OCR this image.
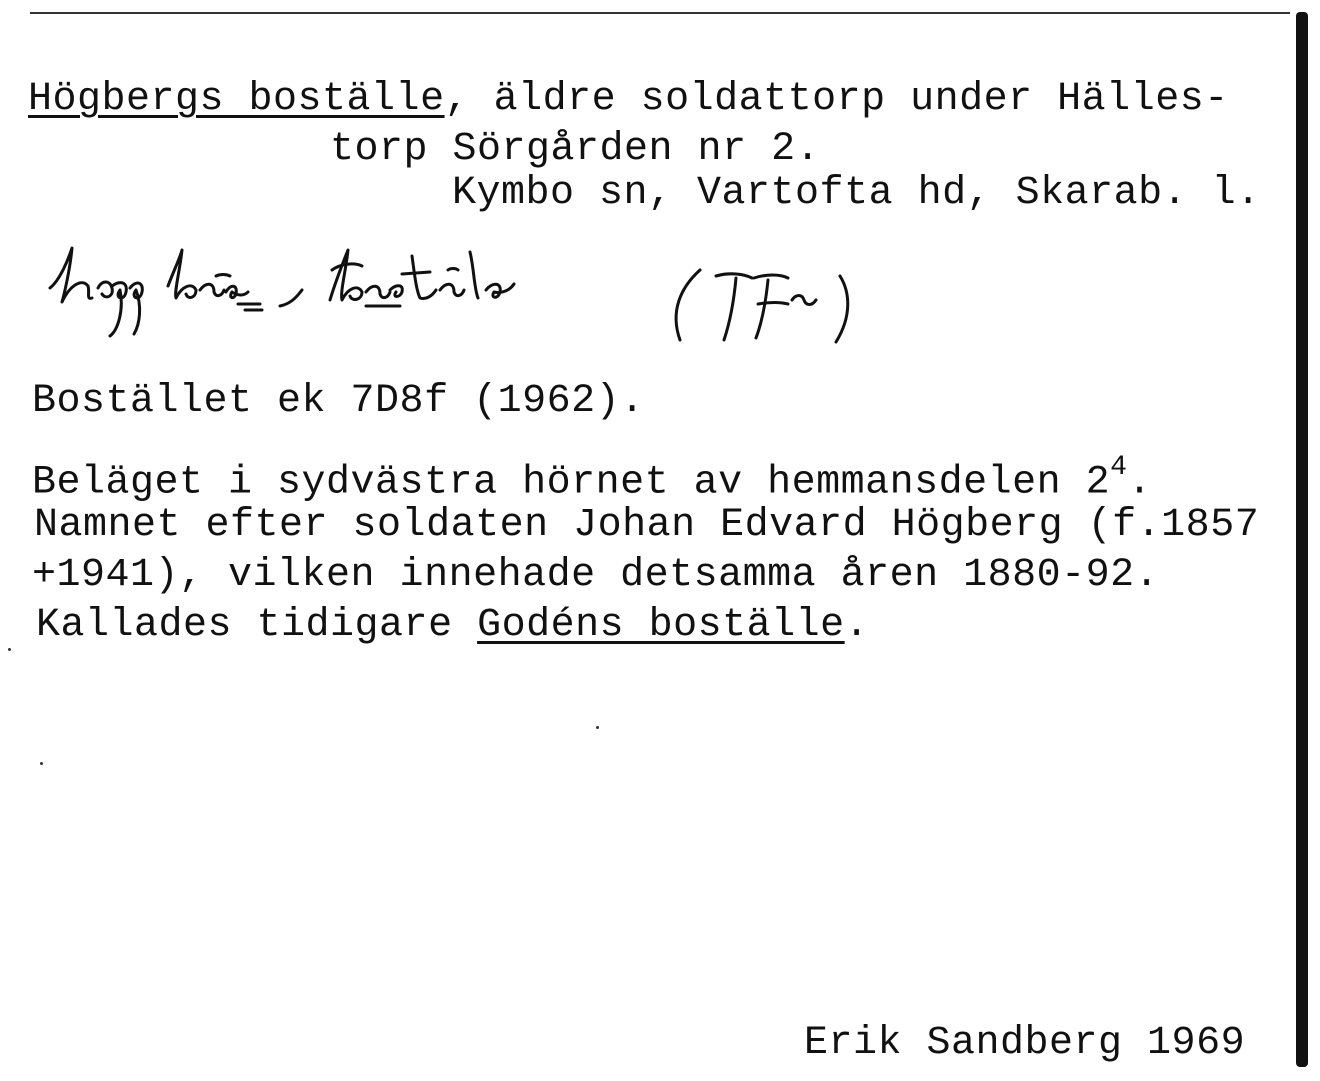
Högbergs boställe, äldre soldattorp under Hälles-
torp Sörgården nr 2.
Kymbo sn, Vartofta hd, Skarab. l.
Bostället ek 7D8f (1962).
Beläget i sydvästra hörnet av hemmansdelen $2^4$.
Namnet efter soldaten Johan Edvard Högberg (f.1857
+1941), vilken innehade detsamma åren 1880-92.
Kallades tidigare Godéns boställe.
Erik Sandberg 1969
